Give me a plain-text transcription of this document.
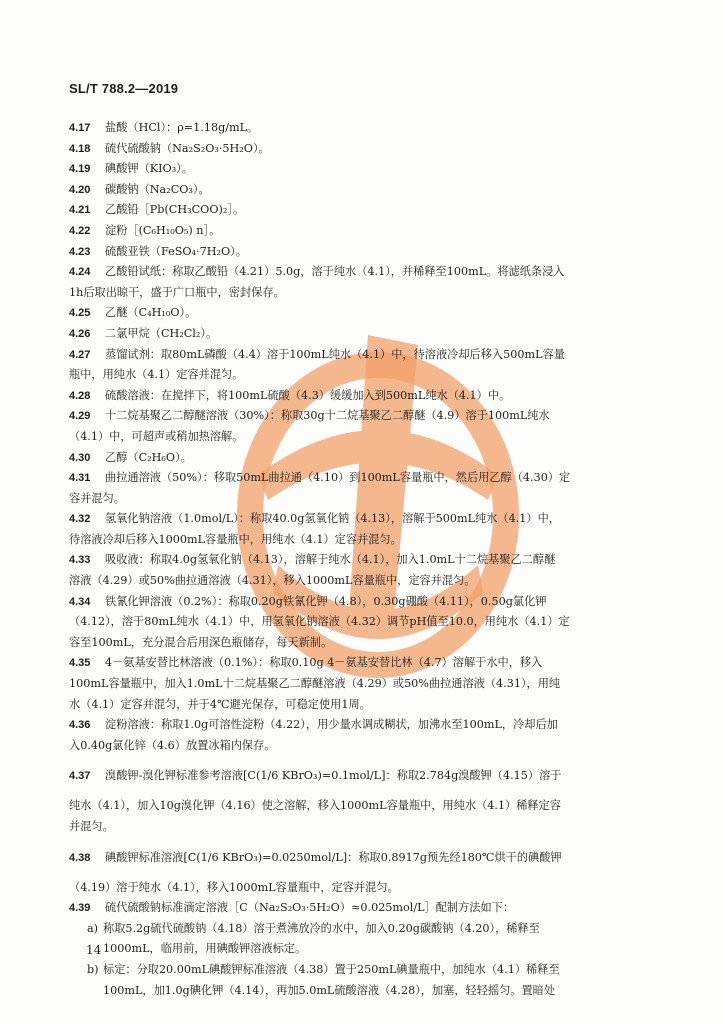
SL/T 788.2—2019
4.17 盐酸（HCl）：ρ=1.18g/mL。
4.18 硫代硫酸钠（Na₂S₂O₃·5H₂O）。
4.19 碘酸钾（KIO₃）。
4.20 碳酸钠（Na₂CO₃）。
4.21 乙酸铅［Pb(CH₃COO)₂］。
4.22 淀粉［(C₆H₁₀O₅) n］。
4.23 硫酸亚铁（FeSO₄·7H₂O）。
4.24 乙酸铅试纸：称取乙酸铅（4.21）5.0g，溶于纯水（4.1），并稀释至100mL。将滤纸条浸入
1h后取出晾干，盛于广口瓶中，密封保存。
4.25 乙醚（C₄H₁₀O）。
4.26 二氯甲烷（CH₂Cl₂）。
4.27 蒸馏试剂：取80mL磷酸（4.4）溶于100mL纯水（4.1）中，待溶液冷却后移入500mL容量
瓶中，用纯水（4.1）定容并混匀。
4.28 硫酸溶液：在搅拌下，将100mL硫酸（4.3）缓缓加入到500mL纯水（4.1）中。
4.29 十二烷基聚乙二醇醚溶液（30%）：称取30g十二烷基聚乙二醇醚（4.9）溶于100mL纯水
（4.1）中，可超声或稍加热溶解。
4.30 乙醇（C₂H₆O）。
4.31 曲拉通溶液（50%）：移取50mL曲拉通（4.10）到100mL容量瓶中，然后用乙醇（4.30）定
容并混匀。
4.32 氢氧化钠溶液（1.0mol/L）：称取40.0g氢氧化钠（4.13），溶解于500mL纯水（4.1）中，
待溶液冷却后移入1000mL容量瓶中，用纯水（4.1）定容并混匀。
4.33 吸收液：称取4.0g氢氧化钠（4.13），溶解于纯水（4.1），加入1.0mL十二烷基聚乙二醇醚
溶液（4.29）或50%曲拉通溶液（4.31），移入1000mL容量瓶中，定容并混匀。
4.34 铁氰化钾溶液（0.2%）：称取0.20g铁氰化钾（4.8），0.30g硼酸（4.11），0.50g氯化钾
（4.12），溶于80mL纯水（4.1）中，用氢氧化钠溶液（4.32）调节pH值至10.0，用纯水（4.1）定
容至100mL，充分混合后用深色瓶储存，每天新制。
4.35 4－氨基安替比林溶液（0.1%）：称取0.10g 4－氨基安替比林（4.7）溶解于水中，移入
100mL容量瓶中，加入1.0mL十二烷基聚乙二醇醚溶液（4.29）或50%曲拉通溶液（4.31），用纯
水（4.1）定容并混匀，并于4℃避光保存，可稳定使用1周。
4.36 淀粉溶液：称取1.0g可溶性淀粉（4.22），用少量水调成糊状，加沸水至100mL，冷却后加
入0.40g氯化锌（4.6）放置冰箱内保存。
4.37 溴酸钾-溴化钾标准参考溶液[C(1/6 KBrO₃)=0.1mol/L]：称取2.784g溴酸钾（4.15）溶于
纯水（4.1），加入10g溴化钾（4.16）使之溶解，移入1000mL容量瓶中，用纯水（4.1）稀释定容
并混匀。
4.38 碘酸钾标准溶液[C(1/6 KBrO₃)=0.0250mol/L]：称取0.8917g预先经180℃烘干的碘酸钾
（4.19）溶于纯水（4.1），移入1000mL容量瓶中，定容并混匀。
4.39 硫代硫酸钠标准滴定溶液［C（Na₂S₂O₃·5H₂O）≈0.025mol/L］配制方法如下：
a) 称取5.2g硫代硫酸钠（4.18）溶于煮沸放冷的水中，加入0.20g碳酸钠（4.20），稀释至
1000mL，临用前，用碘酸钾溶液标定。
b) 标定：分取20.00mL碘酸钾标准溶液（4.38）置于250mL碘量瓶中，加纯水（4.1）稀释至
100mL，加1.0g碘化钾（4.14），再加5.0mL硫酸溶液（4.28），加塞，轻轻摇匀。置暗处
14
